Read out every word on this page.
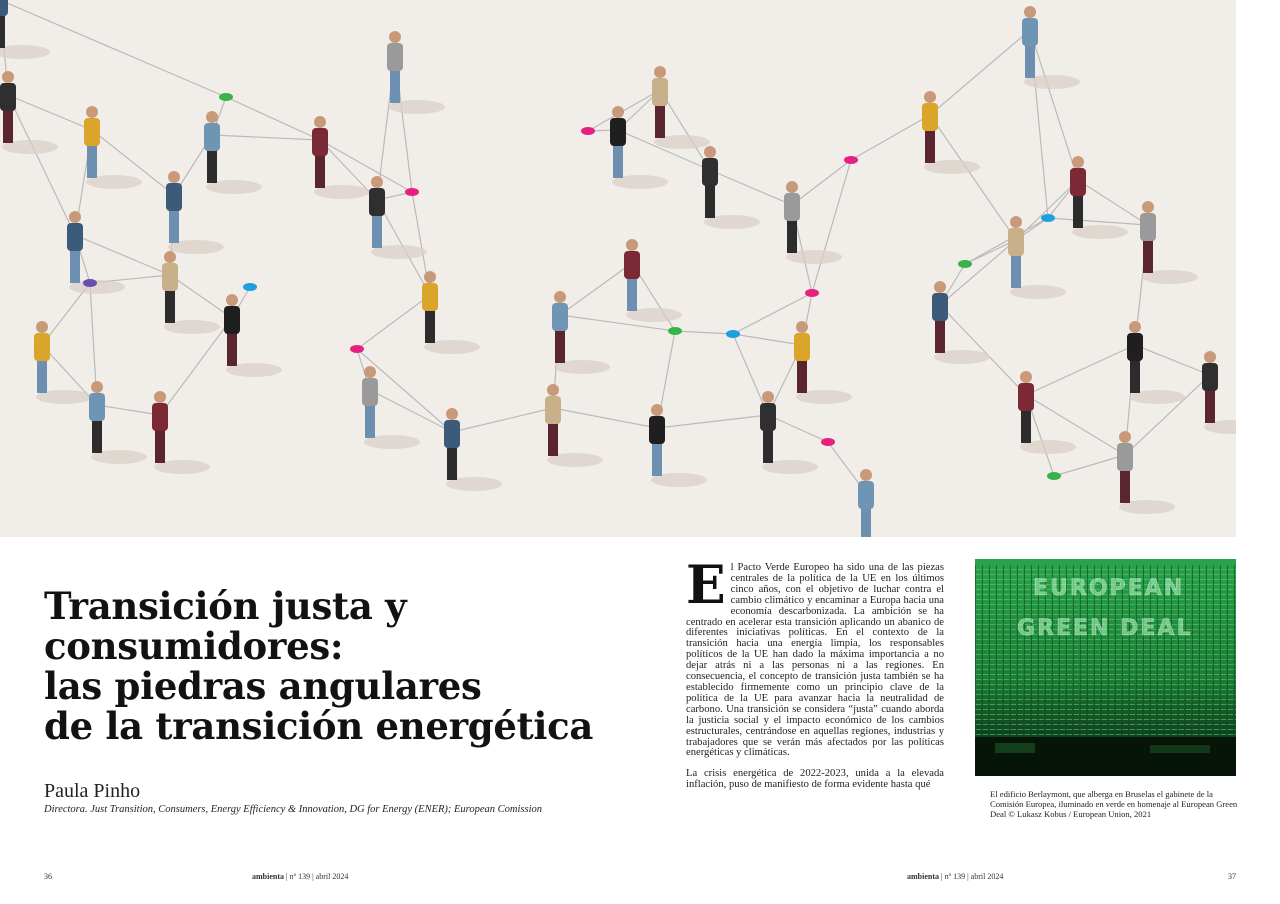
Transición justa y
consumidores:
las piedras angulares
de la transición energética
Paula Pinho
Directora. Just Transition, Consumers, Energy Efficiency & Innovation, DG for Energy (ENER); European Comission

El Pacto Verde Europeo ha sido una de las piezas centrales de la política de la UE en los últimos cinco años, con el objetivo de luchar contra el cambio climático y encaminar a Europa hacia una economía descarbonizada. La ambición se ha centrado en acelerar esta transición aplicando un abanico de diferentes iniciativas políticas. En el contexto de la transición hacia una energía limpia, los responsables políticos de la UE han dado la máxima importancia a no dejar atrás ni a las personas ni a las regiones. En consecuencia, el concepto de transición justa también se ha establecido firmemente como un principio clave de la política de la UE para avanzar hacia la neutralidad de carbono. Una transición se considera “justa” cuando aborda la justicia social y el impacto económico de los cambios estructurales, centrándose en aquellas regiones, industrias y trabajadores que se verán más afectados por las políticas energéticas y climáticas.

La crisis energética de 2022-2023, unida a la elevada inflación, puso de manifiesto de forma evidente hasta qué

EUROPEAN
GREEN DEAL
El edificio Berlaymont, que alberga en Bruselas el gabinete de la Comisión Europea, iluminado en verde en homenaje al European Green Deal © Lukasz Kobus / European Union, 2021
36	ambienta | nº 139 | abril 2024	ambienta | nº 139 | abril 2024	37
